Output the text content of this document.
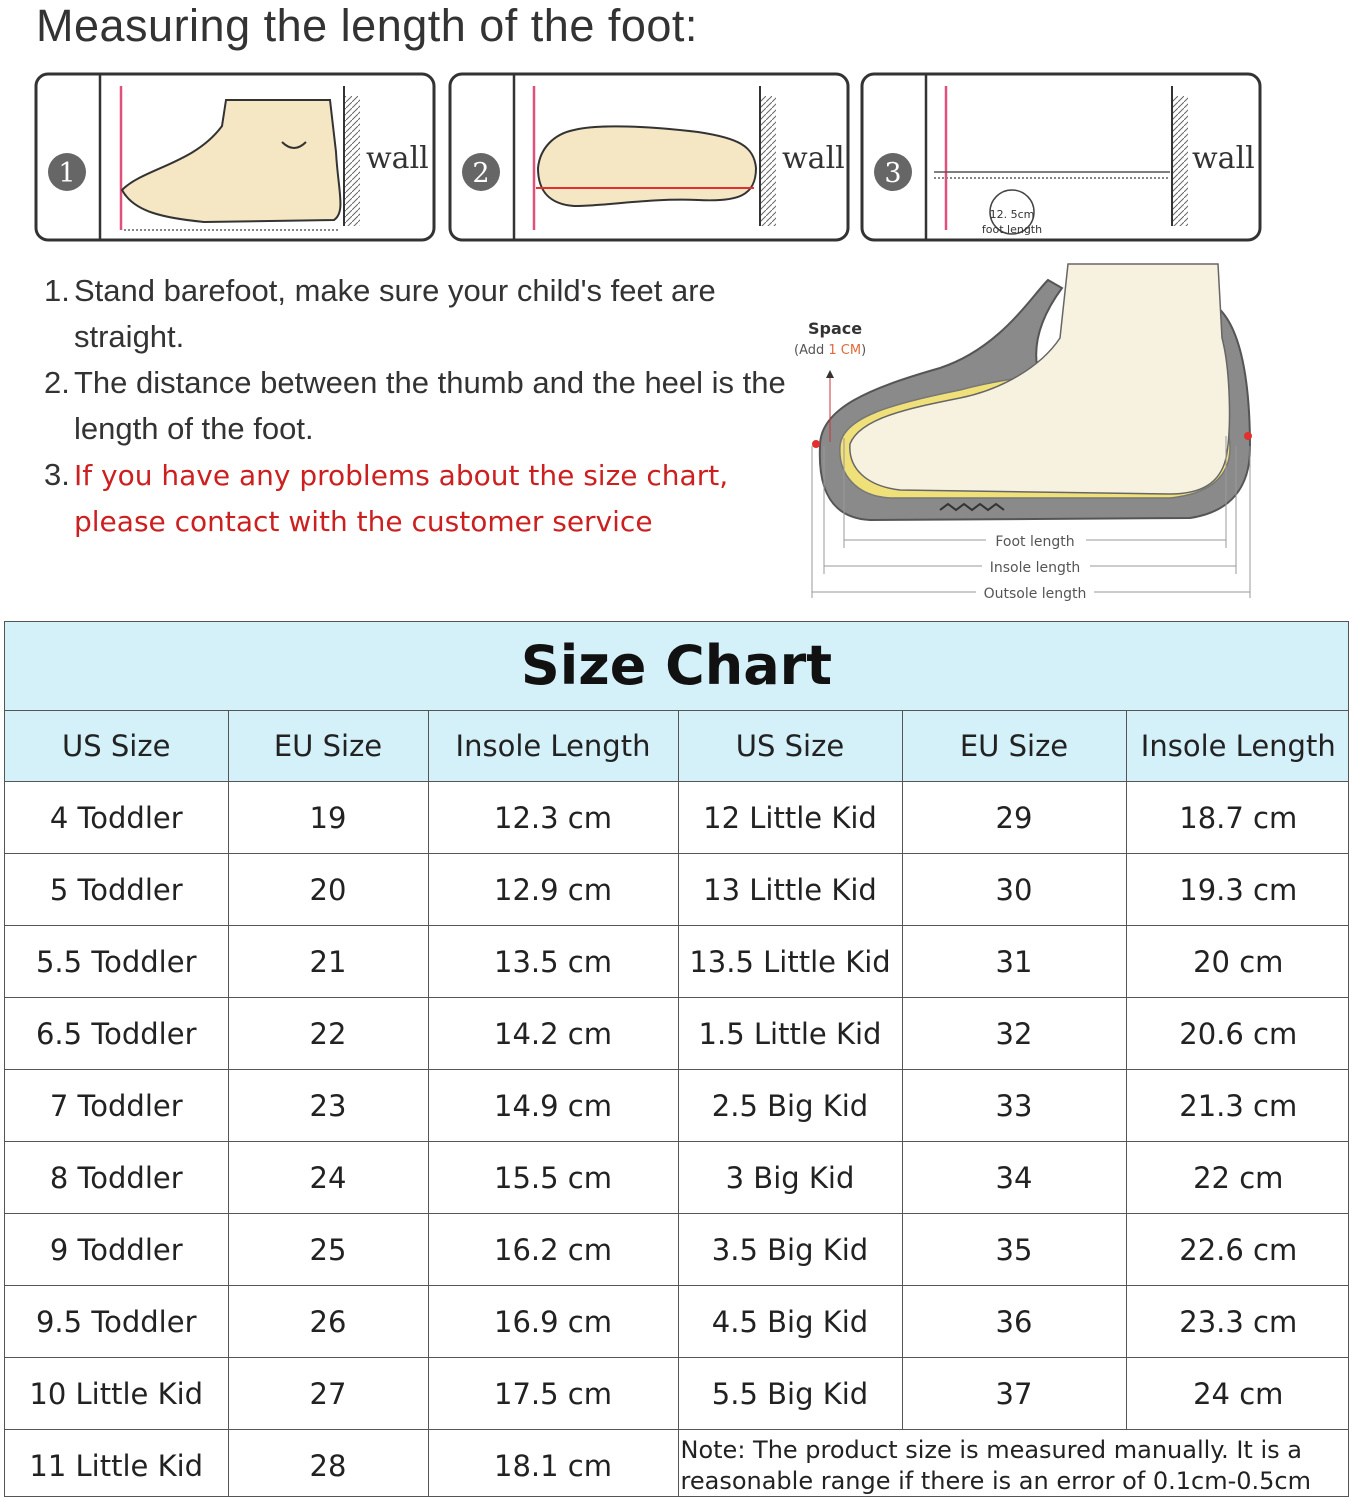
Measuring the length of the foot:
1	wall 2	wall 3
12. 5cm
foot length
wall
1. Stand barefoot, make sure your child's feet are straight.
2. The distance between the thumb and the heel is the length of the foot.
3. If you have any problems about the size chart, please contact with the customer service
Space
(Add 1 CM)
Foot length
Insole length
Outsole length
Size Chart
US Size	EU Size	Insole Length	US Size	EU Size	Insole Length
4 Toddler	19	12.3 cm	12 Little Kid	29	18.7 cm
5 Toddler	20	12.9 cm	13 Little Kid	30	19.3 cm
5.5 Toddler	21	13.5 cm	13.5 Little Kid	31	20 cm
6.5 Toddler	22	14.2 cm	1.5 Little Kid	32	20.6 cm
7 Toddler	23	14.9 cm	2.5 Big Kid	33	21.3 cm
8 Toddler	24	15.5 cm	3 Big Kid	34	22 cm
9 Toddler	25	16.2 cm	3.5 Big Kid	35	22.6 cm
9.5 Toddler	26	16.9 cm	4.5 Big Kid	36	23.3 cm
10 Little Kid	27	17.5 cm	5.5 Big Kid	37	24 cm
11 Little Kid	28	18.1 cm	Note: The product size is measured manually. It is a reasonable range if there is an error of 0.1cm-0.5cm		
